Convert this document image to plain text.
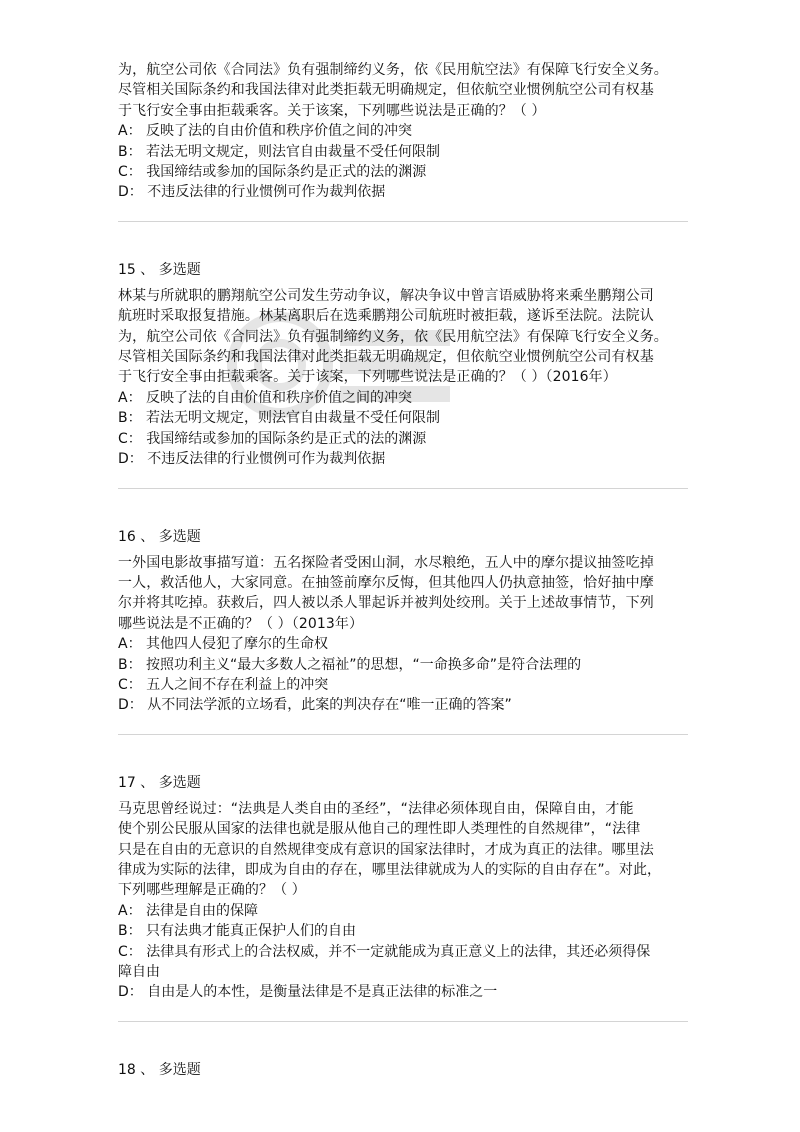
为，航空公司依《合同法》负有强制缔约义务，依《民用航空法》有保障飞行安全义务。

尽管相关国际条约和我国法律对此类拒载无明确规定，但依航空业惯例航空公司有权基

于飞行安全事由拒载乘客。关于该案，下列哪些说法是正确的？（ ）

A： 反映了法的自由价值和秩序价值之间的冲突

B： 若法无明文规定，则法官自由裁量不受任何限制

C： 我国缔结或参加的国际条约是正式的法的渊源

D： 不违反法律的行业惯例可作为裁判依据

15 、 多选题

林某与所就职的鹏翔航空公司发生劳动争议，解决争议中曾言语威胁将来乘坐鹏翔公司

航班时采取报复措施。林某离职后在选乘鹏翔公司航班时被拒载，遂诉至法院。法院认

为，航空公司依《合同法》负有强制缔约义务，依《民用航空法》有保障飞行安全义务。

尽管相关国际条约和我国法律对此类拒载无明确规定，但依航空业惯例航空公司有权基

于飞行安全事由拒载乘客。关于该案，下列哪些说法是正确的？（ ）（2016年）

A： 反映了法的自由价值和秩序价值之间的冲突

B： 若法无明文规定，则法官自由裁量不受任何限制

C： 我国缔结或参加的国际条约是正式的法的渊源

D： 不违反法律的行业惯例可作为裁判依据

16 、 多选题

一外国电影故事描写道：五名探险者受困山洞，水尽粮绝，五人中的摩尔提议抽签吃掉

一人，救活他人，大家同意。在抽签前摩尔反悔，但其他四人仍执意抽签，恰好抽中摩

尔并将其吃掉。获救后，四人被以杀人罪起诉并被判处绞刑。关于上述故事情节，下列

哪些说法是不正确的？（ ）（2013年）

A： 其他四人侵犯了摩尔的生命权

B： 按照功利主义“最大多数人之福祉”的思想，“一命换多命”是符合法理的

C： 五人之间不存在利益上的冲突

D： 从不同法学派的立场看，此案的判决存在“唯一正确的答案”

17 、 多选题

马克思曾经说过：“法典是人类自由的圣经”，“法律必须体现自由，保障自由，才能

使个别公民服从国家的法律也就是服从他自己的理性即人类理性的自然规律”，“法律

只是在自由的无意识的自然规律变成有意识的国家法律时，才成为真正的法律。哪里法

律成为实际的法律，即成为自由的存在，哪里法律就成为人的实际的自由存在”。对此，

下列哪些理解是正确的？（ ）

A： 法律是自由的保障

B： 只有法典才能真正保护人们的自由

C： 法律具有形式上的合法权威，并不一定就能成为真正意义上的法律，其还必须得保

障自由

D： 自由是人的本性，是衡量法律是不是真正法律的标准之一

18 、 多选题
